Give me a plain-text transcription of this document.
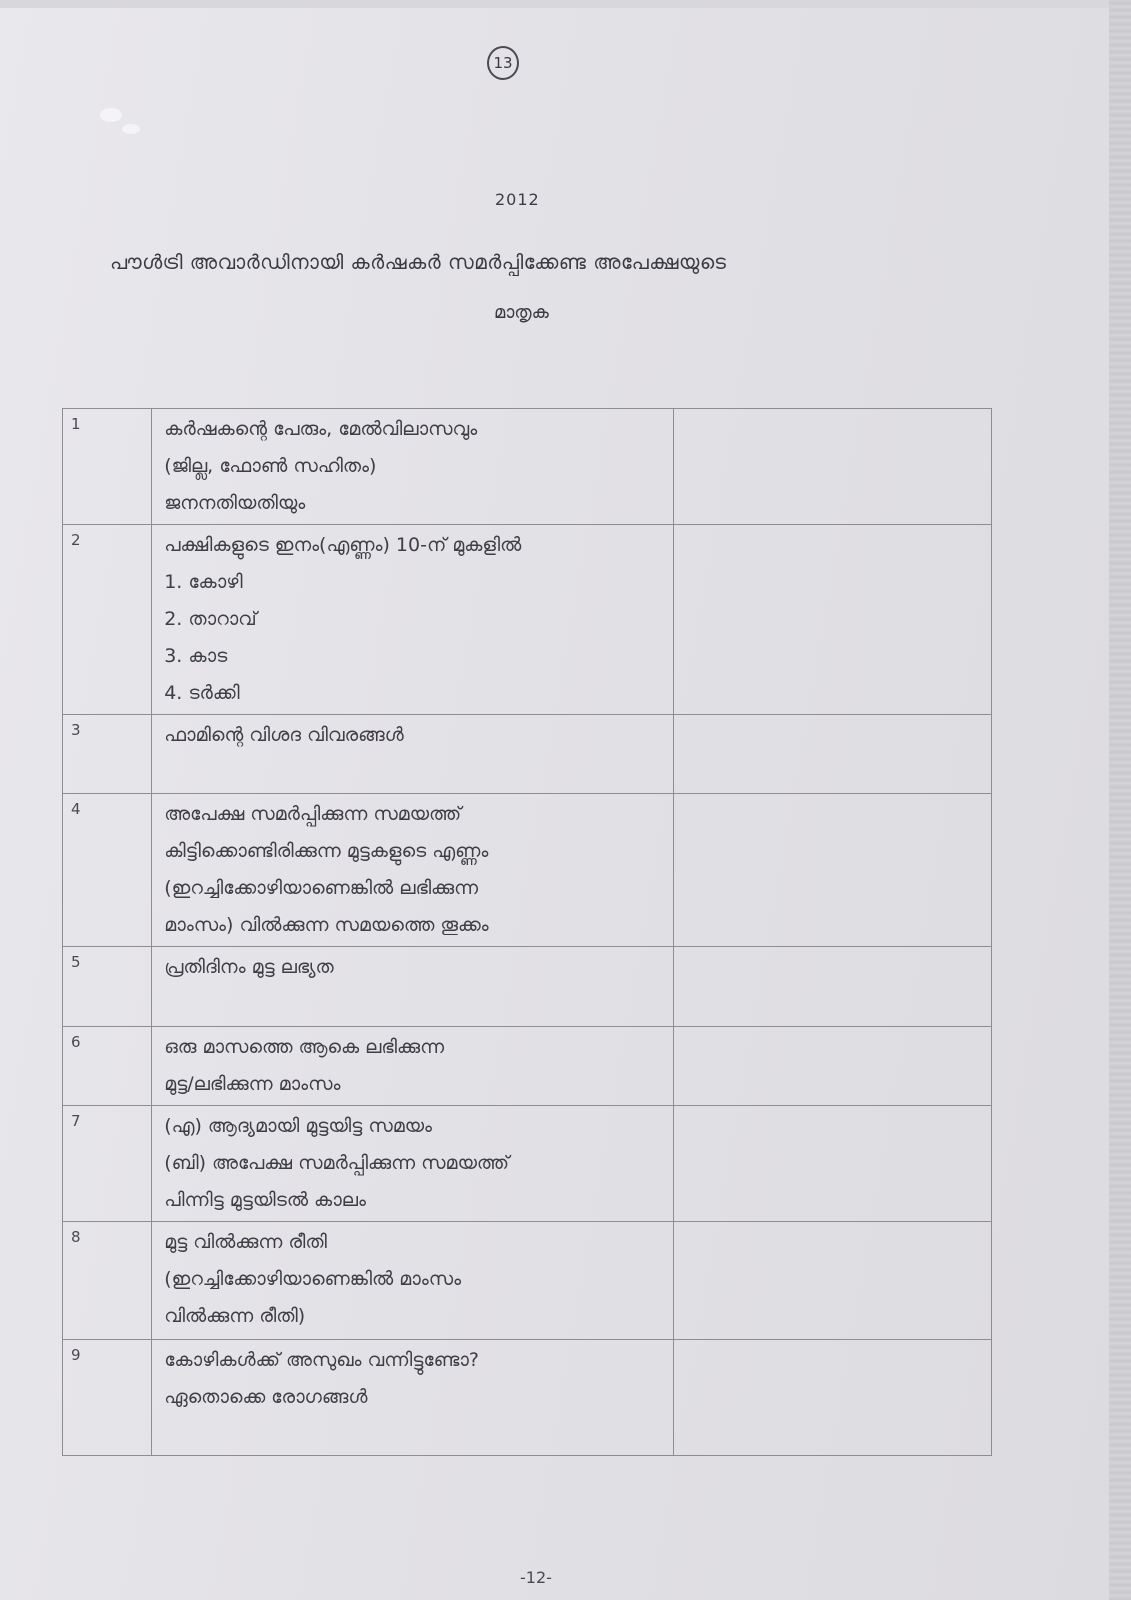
13
2012
പൗൾട്രി അവാർഡിനായി കർഷകർ സമർപ്പിക്കേണ്ട അപേക്ഷയുടെ
മാതൃക
1	കർഷകന്റെ പേരും, മേൽവിലാസവും
(ജില്ല, ഫോൺ സഹിതം)
ജനനതിയതിയും	

2	പക്ഷികളുടെ ഇനം(എണ്ണം) 10-ന് മുകളിൽ
1. കോഴി
2. താറാവ്
3. കാട
4. ടർക്കി	

3	ഫാമിന്റെ വിശദ വിവരങ്ങൾ	

4	അപേക്ഷ സമർപ്പിക്കുന്ന സമയത്ത്
കിട്ടിക്കൊണ്ടിരിക്കുന്ന മുട്ടകളുടെ എണ്ണം
(ഇറച്ചിക്കോഴിയാണെങ്കിൽ ലഭിക്കുന്ന
മാംസം) വിൽക്കുന്ന സമയത്തെ തൂക്കം	

5	പ്രതിദിനം മുട്ട ലഭ്യത	

6	ഒരു മാസത്തെ ആകെ ലഭിക്കുന്ന
മുട്ട/ലഭിക്കുന്ന മാംസം	

7	(എ) ആദ്യമായി മുട്ടയിട്ട സമയം
(ബി) അപേക്ഷ സമർപ്പിക്കുന്ന സമയത്ത്
പിന്നിട്ട മുട്ടയിടൽ കാലം	

8	മുട്ട വിൽക്കുന്ന രീതി
(ഇറച്ചിക്കോഴിയാണെങ്കിൽ മാംസം
വിൽക്കുന്ന രീതി)	

9	കോഴികൾക്ക് അസുഖം വന്നിട്ടുണ്ടോ?
ഏതൊക്കെ രോഗങ്ങൾ	

-12-
